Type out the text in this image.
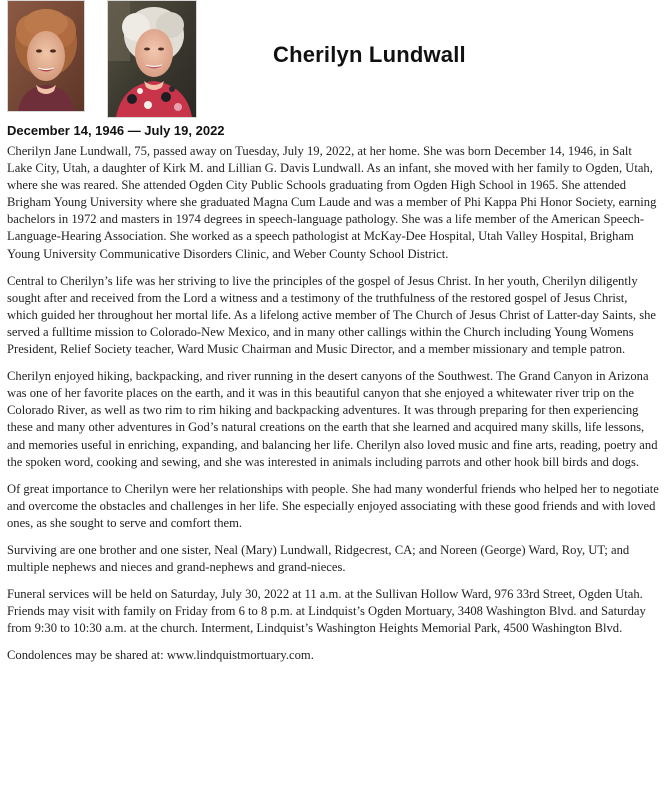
Cherilyn Lundwall
December 14, 1946 — July 19, 2022

Cherilyn Jane Lundwall, 75, passed away on Tuesday, July 19, 2022, at her home. She was born December 14, 1946, in Salt Lake City, Utah, a daughter of Kirk M. and Lillian G. Davis Lundwall. As an infant, she moved with her family to Ogden, Utah, where she was reared. She attended Ogden City Public Schools graduating from Ogden High School in 1965. She attended Brigham Young University where she graduated Magna Cum Laude and was a member of Phi Kappa Phi Honor Society, earning bachelors in 1972 and masters in 1974 degrees in speech-language pathology. She was a life member of the American Speech-Language-Hearing Association. She worked as a speech pathologist at McKay-Dee Hospital, Utah Valley Hospital, Brigham Young University Communicative Disorders Clinic, and Weber County School District.

Central to Cherilyn’s life was her striving to live the principles of the gospel of Jesus Christ. In her youth, Cherilyn diligently sought after and received from the Lord a witness and a testimony of the truthfulness of the restored gospel of Jesus Christ, which guided her throughout her mortal life. As a lifelong active member of The Church of Jesus Christ of Latter-day Saints, she served a fulltime mission to Colorado-New Mexico, and in many other callings within the Church including Young Womens President, Relief Society teacher, Ward Music Chairman and Music Director, and a member missionary and temple patron.

Cherilyn enjoyed hiking, backpacking, and river running in the desert canyons of the Southwest. The Grand Canyon in Arizona was one of her favorite places on the earth, and it was in this beautiful canyon that she enjoyed a whitewater river trip on the Colorado River, as well as two rim to rim hiking and backpacking adventures. It was through preparing for then experiencing these and many other adventures in God’s natural creations on the earth that she learned and acquired many skills, life lessons, and memories useful in enriching, expanding, and balancing her life. Cherilyn also loved music and fine arts, reading, poetry and the spoken word, cooking and sewing, and she was interested in animals including parrots and other hook bill birds and dogs.

Of great importance to Cherilyn were her relationships with people. She had many wonderful friends who helped her to negotiate and overcome the obstacles and challenges in her life. She especially enjoyed associating with these good friends and with loved ones, as she sought to serve and comfort them.

Surviving are one brother and one sister, Neal (Mary) Lundwall, Ridgecrest, CA; and Noreen (George) Ward, Roy, UT; and multiple nephews and nieces and grand-nephews and grand-nieces.

Funeral services will be held on Saturday, July 30, 2022 at 11 a.m. at the Sullivan Hollow Ward, 976 33rd Street, Ogden Utah. Friends may visit with family on Friday from 6 to 8 p.m. at Lindquist’s Ogden Mortuary, 3408 Washington Blvd. and Saturday from 9:30 to 10:30 a.m. at the church. Interment, Lindquist’s Washington Heights Memorial Park, 4500 Washington Blvd.

Condolences may be shared at: www.lindquistmortuary.com.
